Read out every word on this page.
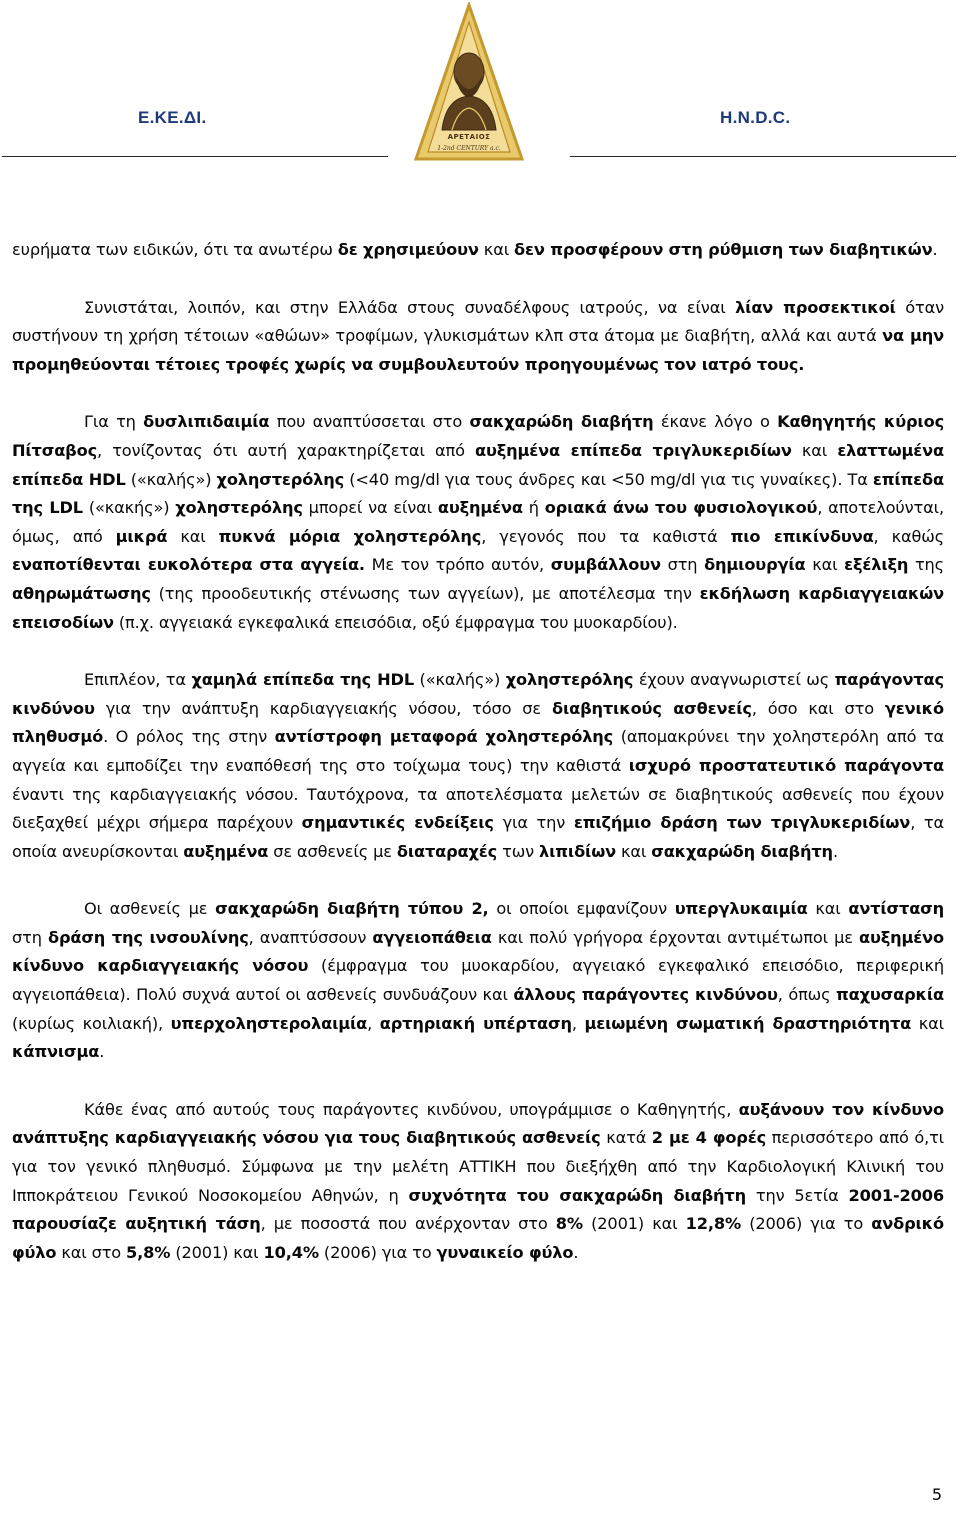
Ε.ΚΕ.ΔΙ.	H.N.D.C.
ΑΡΕΤΑΙΟΣ
1-2nd CENTURY a.c.

ευρήματα των ειδικών, ότι τα ανωτέρω δε χρησιμεύουν και δεν προσφέρουν στη ρύθμιση των διαβητικών.

Συνιστάται, λοιπόν, και στην Ελλάδα στους συναδέλφους ιατρούς, να είναι λίαν προσεκτικοί όταν συστήνουν τη χρήση τέτοιων «αθώων» τροφίμων, γλυκισμάτων κλπ στα άτομα με διαβήτη, αλλά και αυτά να μην προμηθεύονται τέτοιες τροφές χωρίς να συμβουλευτούν προηγουμένως τον ιατρό τους.

Για τη δυσλιπιδαιμία που αναπτύσσεται στο σακχαρώδη διαβήτη έκανε λόγο ο Καθηγητής κύριος Πίτσαβος, τονίζοντας ότι αυτή χαρακτηρίζεται από αυξημένα επίπεδα τριγλυκεριδίων και ελαττωμένα επίπεδα HDL («καλής») χοληστερόλης (<40 mg/dl για τους άνδρες και <50 mg/dl για τις γυναίκες). Τα επίπεδα της LDL («κακής») χοληστερόλης μπορεί να είναι αυξημένα ή οριακά άνω του φυσιολογικού, αποτελούνται, όμως, από μικρά και πυκνά μόρια χοληστερόλης, γεγονός που τα καθιστά πιο επικίνδυνα, καθώς εναποτίθενται ευκολότερα στα αγγεία. Με τον τρόπο αυτόν, συμβάλλουν στη δημιουργία και εξέλιξη της αθηρωμάτωσης (της προοδευτικής στένωσης των αγγείων), με αποτέλεσμα την εκδήλωση καρδιαγγειακών επεισοδίων (π.χ. αγγειακά εγκεφαλικά επεισόδια, οξύ έμφραγμα του μυοκαρδίου).

Επιπλέον, τα χαμηλά επίπεδα της HDL («καλής») χοληστερόλης έχουν αναγνωριστεί ως παράγοντας κινδύνου για την ανάπτυξη καρδιαγγειακής νόσου, τόσο σε διαβητικούς ασθενείς, όσο και στο γενικό πληθυσμό. Ο ρόλος της στην αντίστροφη μεταφορά χοληστερόλης (απομακρύνει την χοληστερόλη από τα αγγεία και εμποδίζει την εναπόθεσή της στο τοίχωμα τους) την καθιστά ισχυρό προστατευτικό παράγοντα έναντι της καρδιαγγειακής νόσου. Ταυτόχρονα, τα αποτελέσματα μελετών σε διαβητικούς ασθενείς που έχουν διεξαχθεί μέχρι σήμερα παρέχουν σημαντικές ενδείξεις για την επιζήμιο δράση των τριγλυκεριδίων, τα οποία ανευρίσκονται αυξημένα σε ασθενείς με διαταραχές των λιπιδίων και σακχαρώδη διαβήτη.

Οι ασθενείς με σακχαρώδη διαβήτη τύπου 2, οι οποίοι εμφανίζουν υπεργλυκαιμία και αντίσταση στη δράση της ινσουλίνης, αναπτύσσουν αγγειοπάθεια και πολύ γρήγορα έρχονται αντιμέτωποι με αυξημένο κίνδυνο καρδιαγγειακής νόσου (έμφραγμα του μυοκαρδίου, αγγειακό εγκεφαλικό επεισόδιο, περιφερική αγγειοπάθεια). Πολύ συχνά αυτοί οι ασθενείς συνδυάζουν και άλλους παράγοντες κινδύνου, όπως παχυσαρκία (κυρίως κοιλιακή), υπερχοληστερολαιμία, αρτηριακή υπέρταση, μειωμένη σωματική δραστηριότητα και κάπνισμα.

Κάθε ένας από αυτούς τους παράγοντες κινδύνου, υπογράμμισε ο Καθηγητής, αυξάνουν τον κίνδυνο ανάπτυξης καρδιαγγειακής νόσου για τους διαβητικούς ασθενείς κατά 2 με 4 φορές περισσότερο από ό,τι για τον γενικό πληθυσμό. Σύμφωνα με την μελέτη ΑΤΤΙΚΗ που διεξήχθη από την Καρδιολογική Κλινική του Ιπποκράτειου Γενικού Νοσοκομείου Αθηνών, η συχνότητα του σακχαρώδη διαβήτη την 5ετία 2001-2006 παρουσίαζε αυξητική τάση, με ποσοστά που ανέρχονταν στο 8% (2001) και 12,8% (2006) για το ανδρικό φύλο και στο 5,8% (2001) και 10,4% (2006) για το γυναικείο φύλο.

5
